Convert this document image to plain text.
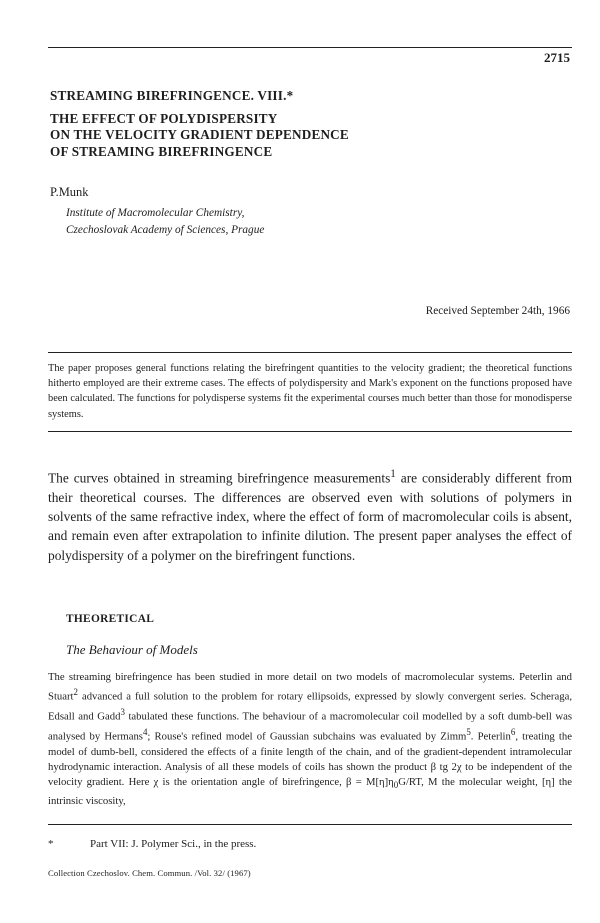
2715
STREAMING BIREFRINGENCE. VIII.*
THE EFFECT OF POLYDISPERSITY
ON THE VELOCITY GRADIENT DEPENDENCE
OF STREAMING BIREFRINGENCE
P.Munk
Institute of Macromolecular Chemistry,
Czechoslovak Academy of Sciences, Prague
Received September 24th, 1966
The paper proposes general functions relating the birefringent quantities to the velocity gradient; the theoretical functions hitherto employed are their extreme cases. The effects of polydispersity and Mark's exponent on the functions proposed have been calculated. The functions for polydisperse systems fit the experimental courses much better than those for monodisperse systems.
The curves obtained in streaming birefringence measurements$^1$ are considerably different from their theoretical courses. The differences are observed even with solutions of polymers in solvents of the same refractive index, where the effect of form of macromolecular coils is absent, and remain even after extrapolation to infinite dilution. The present paper analyses the effect of polydispersity of a polymer on the birefringent functions.
THEORETICAL
The Behaviour of Models
The streaming birefringence has been studied in more detail on two models of macromolecular systems. Peterlin and Stuart$^2$ advanced a full solution to the problem for rotary ellipsoids, expressed by slowly convergent series. Scheraga, Edsall and Gadd$^3$ tabulated these functions. The behaviour of a macromolecular coil modelled by a soft dumb-bell was analysed by Hermans$^4$; Rouse's refined model of Gaussian subchains was evaluated by Zimm$^5$. Peterlin$^6$, treating the model of dumb-bell, considered the effects of a finite length of the chain, and of the gradient-dependent intramolecular hydrodynamic interaction. Analysis of all these models of coils has shown the product β tg 2χ to be independent of the velocity gradient. Here χ is the orientation angle of birefringence, $\beta = M[\eta]\eta_0G/RT$, M the molecular weight, [η] the intrinsic viscosity,
*	Part VII: J. Polymer Sci., in the press.
Collection Czechoslov. Chem. Commun. /Vol. 32/ (1967)
